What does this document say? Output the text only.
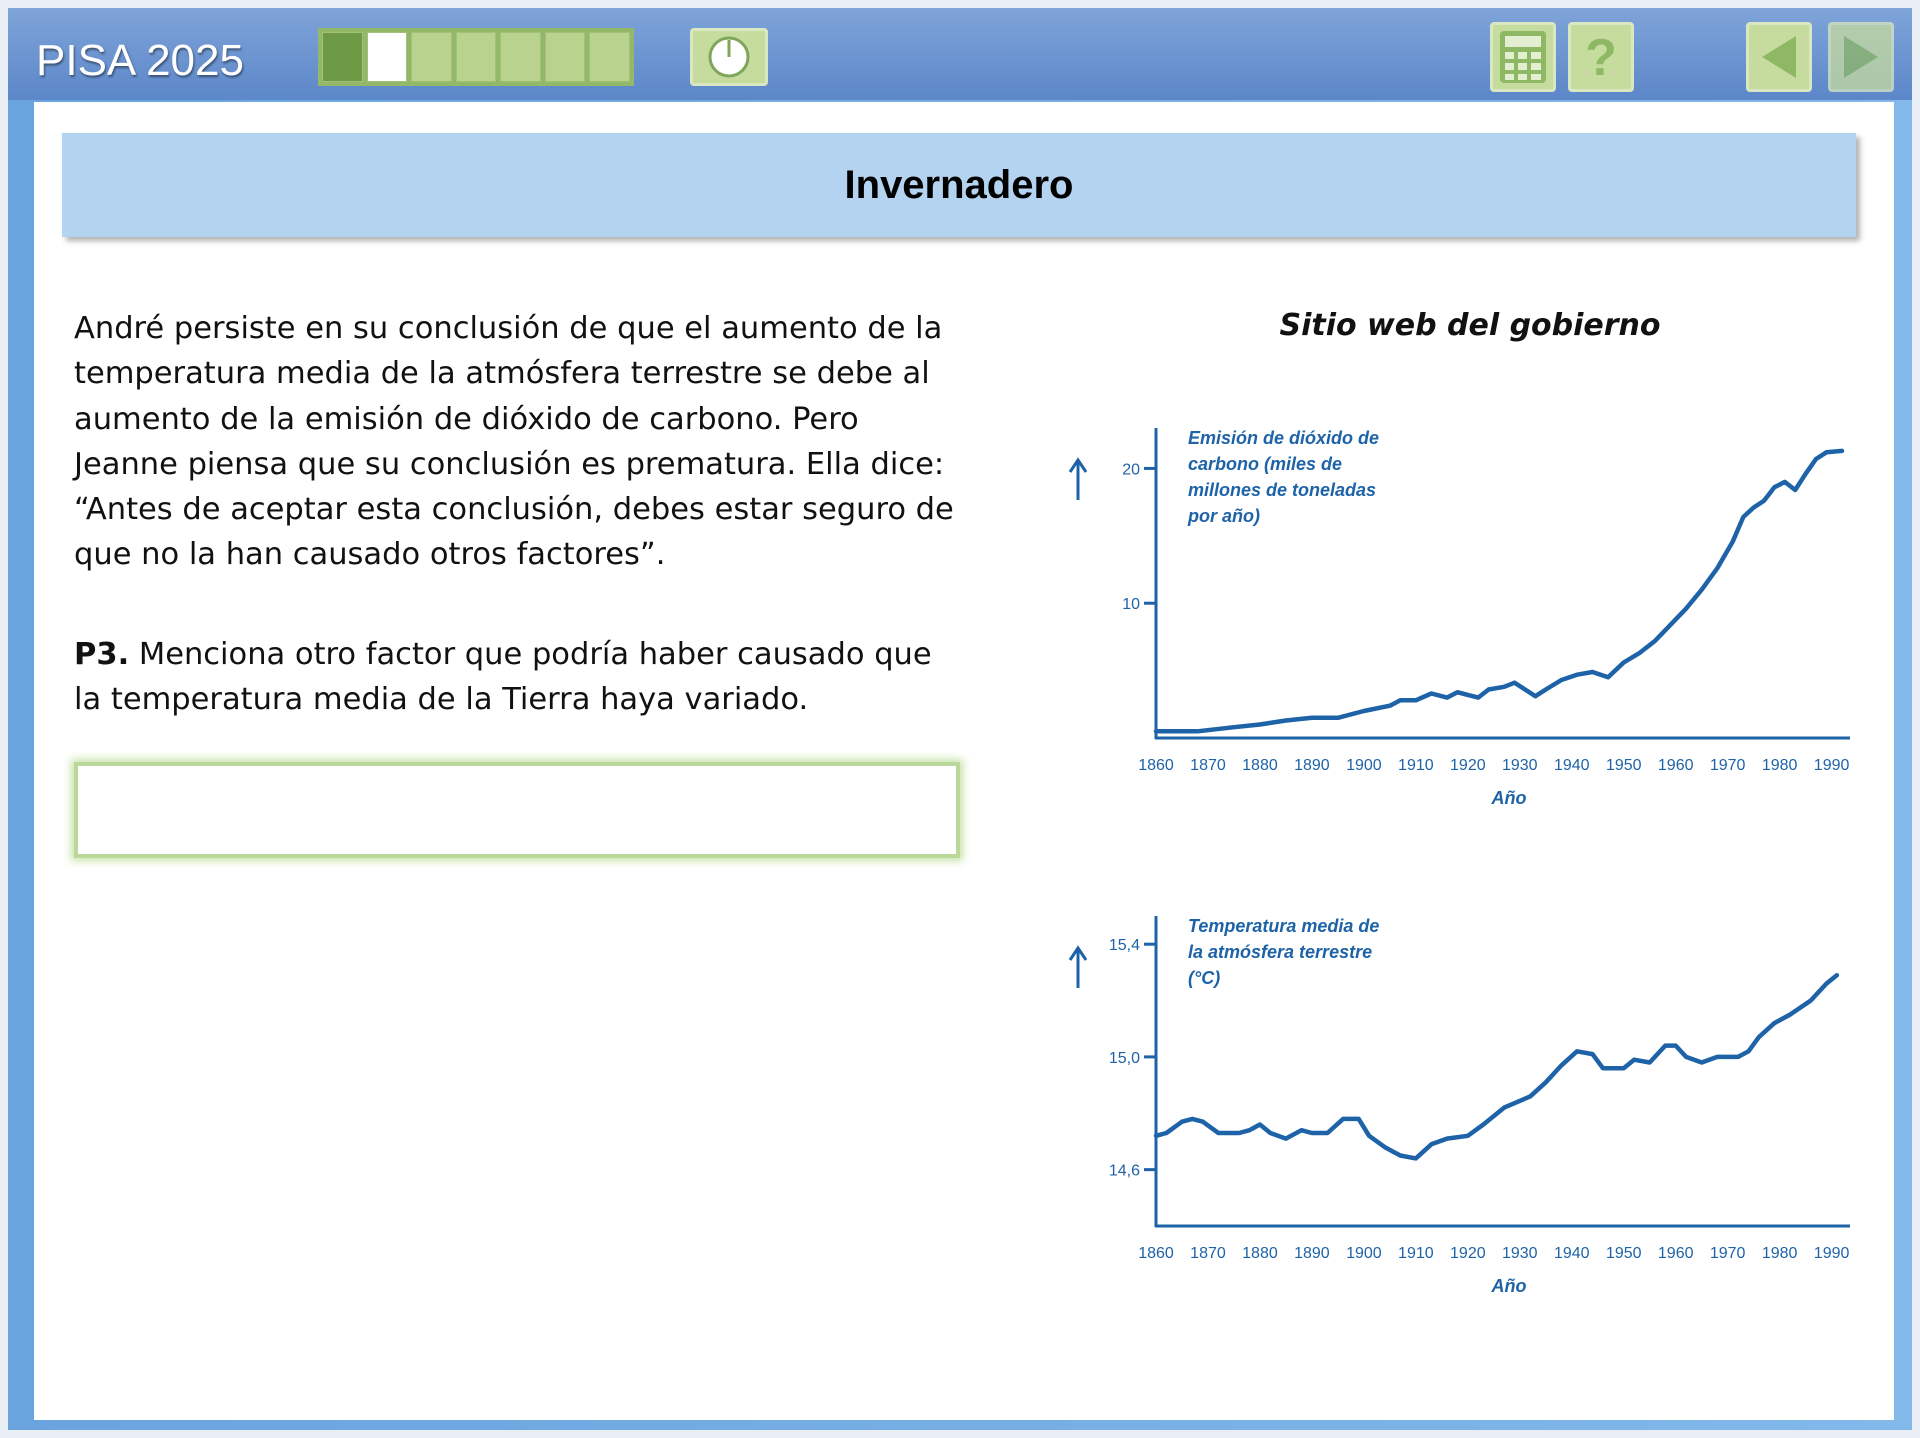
PISA 2025	?
Invernadero
André persiste en su conclusión de que el aumento de la
temperatura media de la atmósfera terrestre se debe al
aumento de la emisión de dióxido de carbono. Pero
Jeanne piensa que su conclusión es prematura. Ella dice:
“Antes de aceptar esta conclusión, debes estar seguro de
que no la han causado otros factores”.
P3. Menciona otro factor que podría haber causado que
la temperatura media de la Tierra haya variado.
Sitio web del gobierno
10
20
1860 1870 1880 1890 1900 1910 1920 1930 1940 1950 1960 1970 1980 1990
Año
Emisión de dióxido de
carbono (miles de
millones de toneladas
por año)
14,6
15,0
15,4
1860 1870 1880 1890 1900 1910 1920 1930 1940 1950 1960 1970 1980 1990
Año
Temperatura media de
la atmósfera terrestre
(°C)
